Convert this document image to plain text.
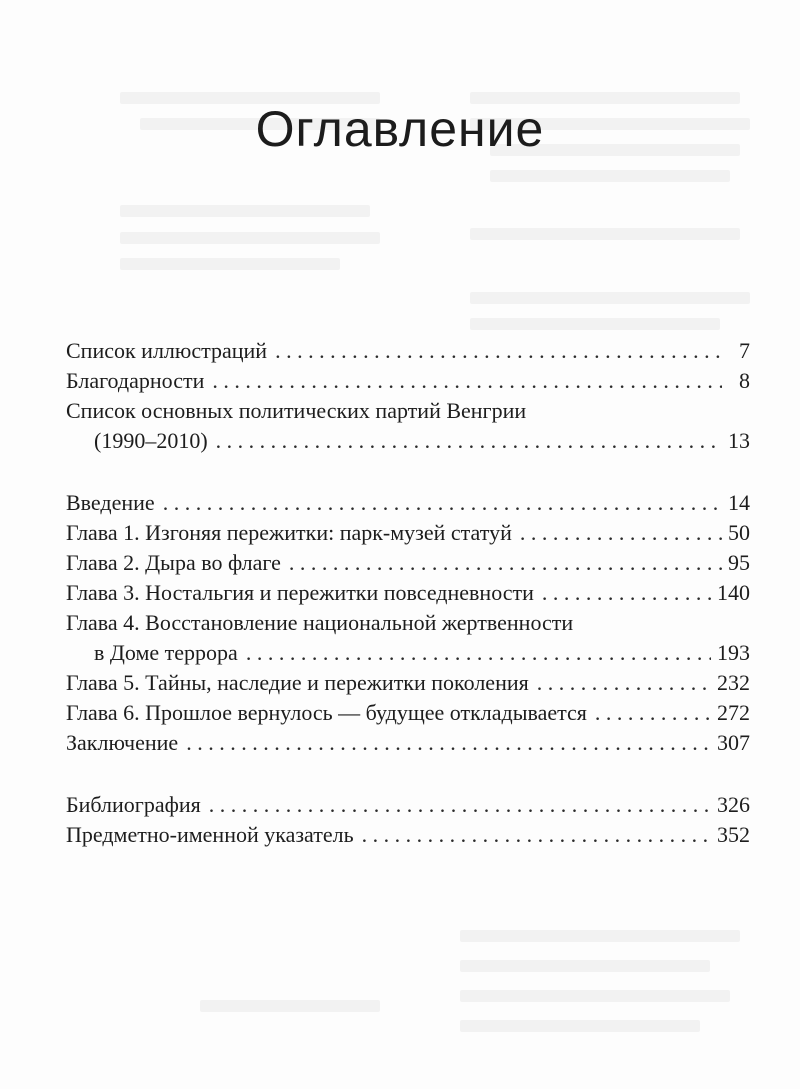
Оглавление
Список иллюстраций . . .	7
Благодарности . . .	8
Список основных политических партий Венгрии
(1990–2010) . . .	13
Введение . . .	14
Глава 1. Изгоняя пережитки: парк-музей статуй . . .	50
Глава 2. Дыра во флаге . . .	95
Глава 3. Ностальгия и пережитки повседневности . . .	140
Глава 4. Восстановление национальной жертвенности
в Доме террора . . .	193
Глава 5. Тайны, наследие и пережитки поколения . . .	232
Глава 6. Прошлое вернулось — будущее откладывается . . .	272
Заключение . . .	307
Библиография . . .	326
Предметно-именной указатель . . .	352
